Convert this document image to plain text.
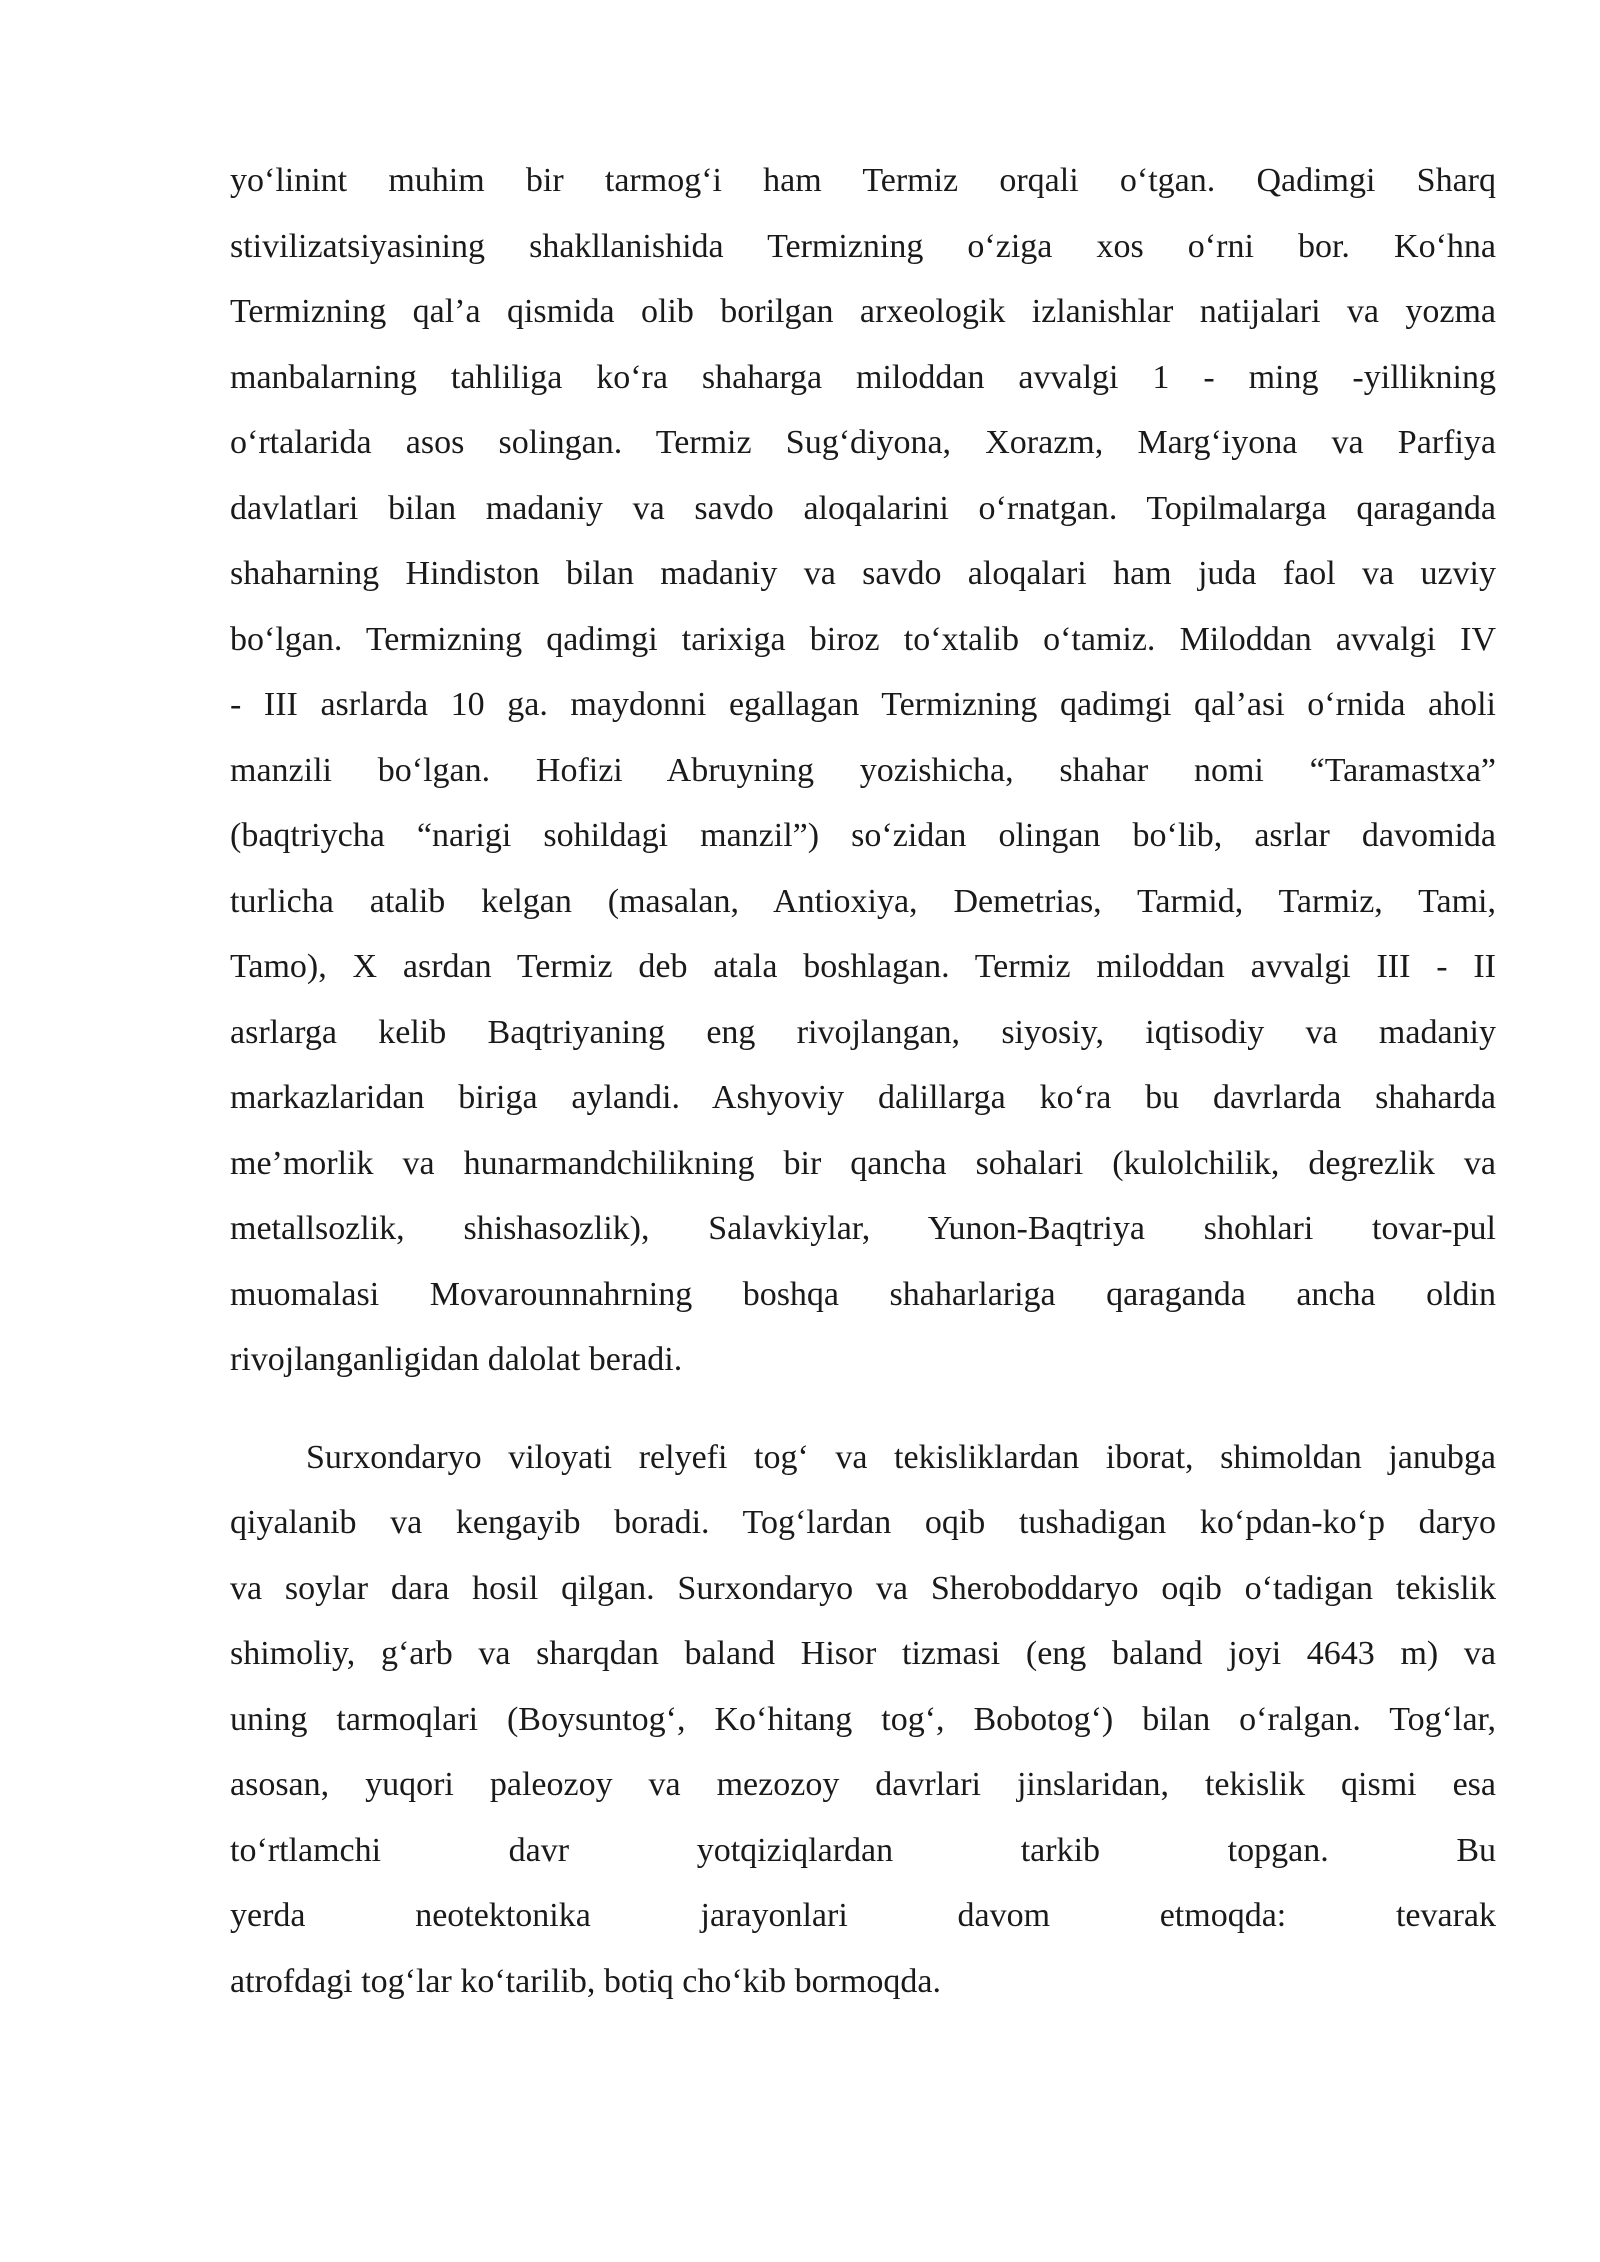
yo‘linint muhim bir tarmog‘i ham Termiz orqali o‘tgan. Qadimgi Sharq
stivilizatsiyasining shakllanishida Termizning o‘ziga xos o‘rni bor. Ko‘hna
Termizning qal’a qismida olib borilgan arxeologik izlanishlar natijalari va yozma
manbalarning tahliliga ko‘ra shaharga miloddan avvalgi 1 - ming -yillikning
o‘rtalarida asos solingan. Termiz Sug‘diyona, Xorazm, Marg‘iyona va Parfiya
davlatlari bilan madaniy va savdo aloqalarini o‘rnatgan. Topilmalarga qaraganda
shaharning Hindiston bilan madaniy va savdo aloqalari ham juda faol va uzviy
bo‘lgan. Termizning qadimgi tarixiga biroz to‘xtalib o‘tamiz. Miloddan avvalgi IV
- III asrlarda 10 ga. maydonni egallagan Termizning qadimgi qal’asi o‘rnida aholi
manzili bo‘lgan. Hofizi Abruyning yozishicha, shahar nomi “Taramastxa”
(baqtriycha “narigi sohildagi manzil”) so‘zidan olingan bo‘lib, asrlar davomida
turlicha atalib kelgan (masalan, Antioxiya, Demetrias, Tarmid, Tarmiz, Tami,
Tamo), X asrdan Termiz deb atala boshlagan. Termiz miloddan avvalgi III - II
asrlarga kelib Baqtriyaning eng rivojlangan, siyosiy, iqtisodiy va madaniy
markazlaridan biriga aylandi. Ashyoviy dalillarga ko‘ra bu davrlarda shaharda
me’morlik va hunarmandchilikning bir qancha sohalari (kulolchilik, degrezlik va
metallsozlik, shishasozlik), Salavkiylar, Yunon-Baqtriya shohlari tovar-pul
muomalasi Movarounnahrning boshqa shaharlariga qaraganda ancha oldin
rivojlanganligidan dalolat beradi.
Surxondaryo viloyati relyefi tog‘ va tekisliklardan iborat, shimoldan janubga
qiyalanib va kengayib boradi. Tog‘lardan oqib tushadigan ko‘pdan-ko‘p daryo
va soylar dara hosil qilgan. Surxondaryo va Sheroboddaryo oqib o‘tadigan tekislik
shimoliy, g‘arb va sharqdan baland Hisor tizmasi (eng baland joyi 4643 m) va
uning tarmoqlari (Boysuntog‘, Ko‘hitang tog‘, Bobotog‘) bilan o‘ralgan. Tog‘lar,
asosan, yuqori paleozoy va mezozoy davrlari jinslaridan, tekislik qismi esa
to‘rtlamchi davr yotqiziqlardan tarkib topgan. Bu
yerda neotektonika jarayonlari davom etmoqda: tevarak
atrofdagi tog‘lar ko‘tarilib, botiq cho‘kib bormoqda.
